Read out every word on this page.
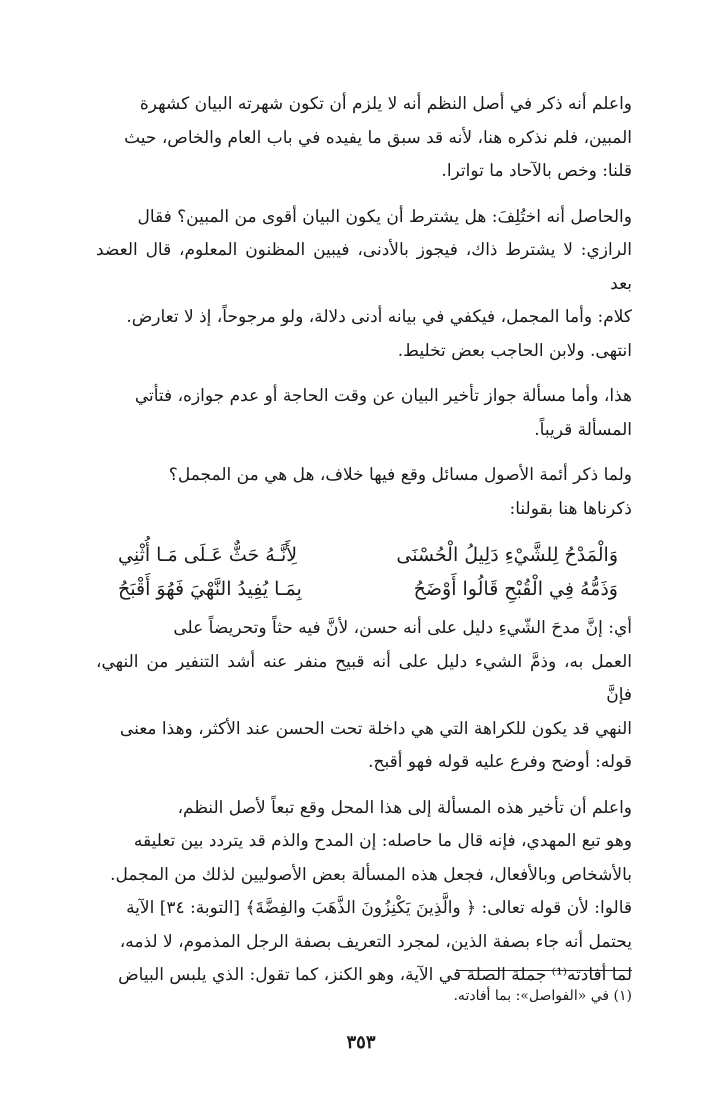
واعلم أنه ذكر في أصل النظم أنه لا يلزم أن تكون شهرته البيان كشهرة
المبين، فلم نذكره هنا، لأنه قد سبق ما يفيده في باب العام والخاص، حيث
قلنا: وخص بالآحاد ما تواترا.

والحاصل أنه اختُلِفَ: هل يشترط أن يكون البيان أقوى من المبين؟ فقال
الرازي: لا يشترط ذاك، فيجوز بالأدنى، فيبين المظنون المعلوم، قال العضد بعد
كلام: وأما المجمل، فيكفي في بيانه أدنى دلالة، ولو مرجوحاً، إذ لا تعارض.
انتهى. ولابن الحاجب بعض تخليط.

هذا، وأما مسألة جواز تأخير البيان عن وقت الحاجة أو عدم جوازه، فتأتي
المسألة قريباً.

ولما ذكر أئمة الأصول مسائل وقع فيها خلاف، هل هي من المجمل؟
ذكرناها هنا بقولنا:

وَالْمَدْحُ لِلشَّيْءِ دَلِيلُ الْحُسْنَى
لِأَنَّـهُ حَثٌّ عَـلَى مَـا أُثْنِي
وَذَمُّهُ فِي الْقُبْحِ قَالُوا أَوْضَحُ
بِمَـا يُفِيدُ النَّهْيَ فَهُوَ أَقْبَحُ

أي: إنَّ مدحَ الشّيءِ دليل على أنه حسن، لأنَّ فيه حثاً وتحريضاً على
العمل به، وذمَّ الشيء دليل على أنه قبيح منفر عنه أشد التنفير من النهي، فإنَّ
النهي قد يكون للكراهة التي هي داخلة تحت الحسن عند الأكثر، وهذا معنى
قوله: أوضح وفرع عليه قوله فهو أقبح.

واعلم أن تأخير هذه المسألة إلى هذا المحل وقع تبعاً لأصل النظم،
وهو تبع المهدي، فإنه قال ما حاصله: إن المدح والذم قد يتردد بين تعليقه
بالأشخاص وبالأفعال، فجعل هذه المسألة بعض الأصوليين لذلك من المجمل.
قالوا: لأن قوله تعالى: ﴿ والَّذِينَ يَكْنِزُونَ الذَّهَبَ والفِضَّةَ﴾ [التوبة: ٣٤] الآية
يحتمل أنه جاء بصفة الذين، لمجرد التعريف بصفة الرجل المذموم، لا لذمه،
لما أفادته⁽¹⁾ جملة الصلة في الآية، وهو الكنز، كما تقول: الذي يلبس البياض

(١) في «الفواصل»: بما أفادته.
٣٥٣
